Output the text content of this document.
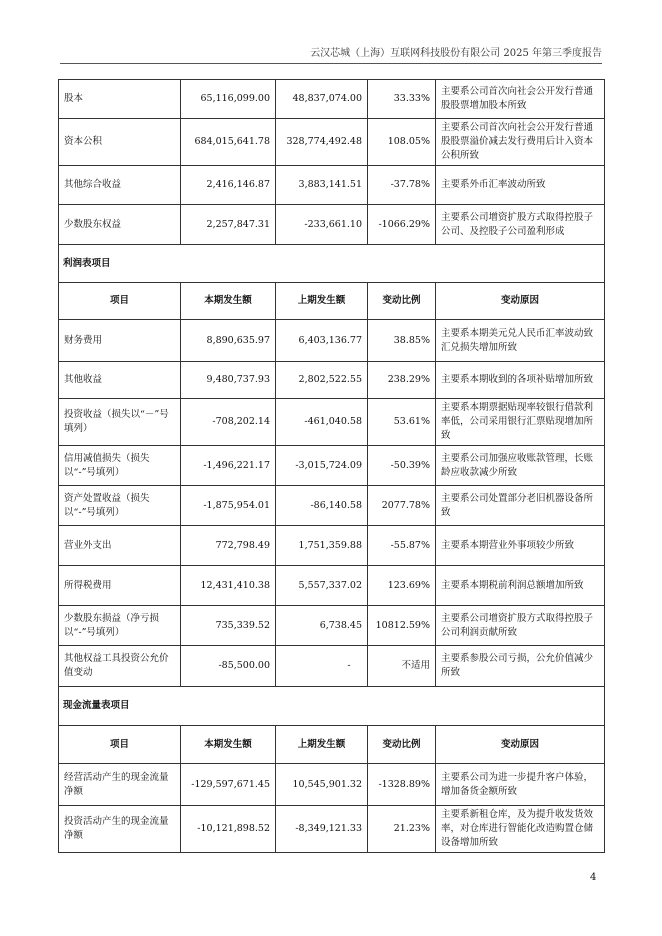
云汉芯城（上海）互联网科技股份有限公司 2025 年第三季度报告
股本	65,116,099.00	48,837,074.00	33.33%	主要系公司首次向社会公开发行普通股股票增加股本所致
资本公积	684,015,641.78	328,774,492.48	108.05%	主要系公司首次向社会公开发行普通股股票溢价减去发行费用后计入资本公积所致
其他综合收益	2,416,146.87	3,883,141.51	-37.78%	主要系外币汇率波动所致
少数股东权益	2,257,847.31	-233,661.10	-1066.29%	主要系公司增资扩股方式取得控股子公司、及控股子公司盈利形成
利润表项目				
项目	本期发生额	上期发生额	变动比例	变动原因
财务费用	8,890,635.97	6,403,136.77	38.85%	主要系本期美元兑人民币汇率波动致汇兑损失增加所致
其他收益	9,480,737.93	2,802,522.55	238.29%	主要系本期收到的各项补贴增加所致
投资收益（损失以“－”号填列）	-708,202.14	-461,040.58	53.61%	主要系本期票据贴现率较银行借款利率低，公司采用银行汇票贴现增加所致
信用减值损失（损失以“-”号填列）	-1,496,221.17	-3,015,724.09	-50.39%	主要系公司加强应收账款管理，长账龄应收款减少所致
资产处置收益（损失以“-”号填列）	-1,875,954.01	-86,140.58	2077.78%	主要系公司处置部分老旧机器设备所致
营业外支出	772,798.49	1,751,359.88	-55.87%	主要系本期营业外事项较少所致
所得税费用	12,431,410.38	5,557,337.02	123.69%	主要系本期税前利润总额增加所致
少数股东损益（净亏损以“-”号填列）	735,339.52	6,738.45	10812.59%	主要系公司增资扩股方式取得控股子公司利润贡献所致
其他权益工具投资公允价值变动	-85,500.00	-	不适用	主要系参股公司亏损，公允价值减少所致
现金流量表项目				
项目	本期发生额	上期发生额	变动比例	变动原因
经营活动产生的现金流量净额	-129,597,671.45	10,545,901.32	-1328.89%	主要系公司为进一步提升客户体验，增加备货金额所致
投资活动产生的现金流量净额	-10,121,898.52	-8,349,121.33	21.23%	主要系新租仓库，及为提升收发货效率，对仓库进行智能化改造购置仓储设备增加所致
4
